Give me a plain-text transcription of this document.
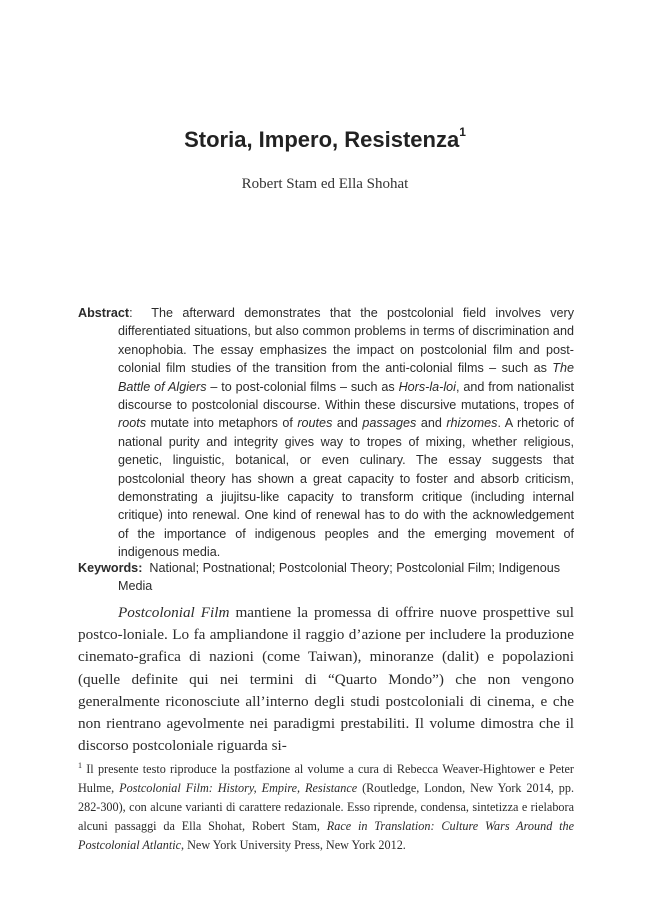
Storia, Impero, Resistenza$^1$
Robert Stam ed Ella Shohat
Abstract: The afterward demonstrates that the postcolonial field involves very differentiated situations, but also common problems in terms of discrimination and xenophobia. The essay emphasizes the impact on postcolonial film and post-colonial film studies of the transition from the anti-colonial films – such as The Battle of Algiers – to post-colonial films – such as Hors-la-loi, and from nationalist discourse to postcolonial discourse. Within these discursive mutations, tropes of roots mutate into metaphors of routes and passages and rhizomes. A rhetoric of national purity and integrity gives way to tropes of mixing, whether religious, genetic, linguistic, botanical, or even culinary. The essay suggests that postcolonial theory has shown a great capacity to foster and absorb criticism, demonstrating a jiujitsu-like capacity to transform critique (including internal critique) into renewal. One kind of renewal has to do with the acknowledgement of the importance of indigenous peoples and the emerging movement of indigenous media.
Keywords: National; Postnational; Postcolonial Theory; Postcolonial Film; Indigenous Media
Postcolonial Film mantiene la promessa di offrire nuove prospettive sul postco-loniale. Lo fa ampliandone il raggio d’azione per includere la produzione cinemato-grafica di nazioni (come Taiwan), minoranze (dalit) e popolazioni (quelle definite qui nei termini di “Quarto Mondo”) che non vengono generalmente riconosciute all’interno degli studi postcoloniali di cinema, e che non rientrano agevolmente nei paradigmi prestabiliti. Il volume dimostra che il discorso postcoloniale riguarda si-
$^1$ Il presente testo riproduce la postfazione al volume a cura di Rebecca Weaver-Hightower e Peter Hulme, Postcolonial Film: History, Empire, Resistance (Routledge, London, New York 2014, pp. 282-300), con alcune varianti di carattere redazionale. Esso riprende, condensa, sintetizza e rielabora alcuni passaggi da Ella Shohat, Robert Stam, Race in Translation: Culture Wars Around the Postcolonial Atlantic, New York University Press, New York 2012.
